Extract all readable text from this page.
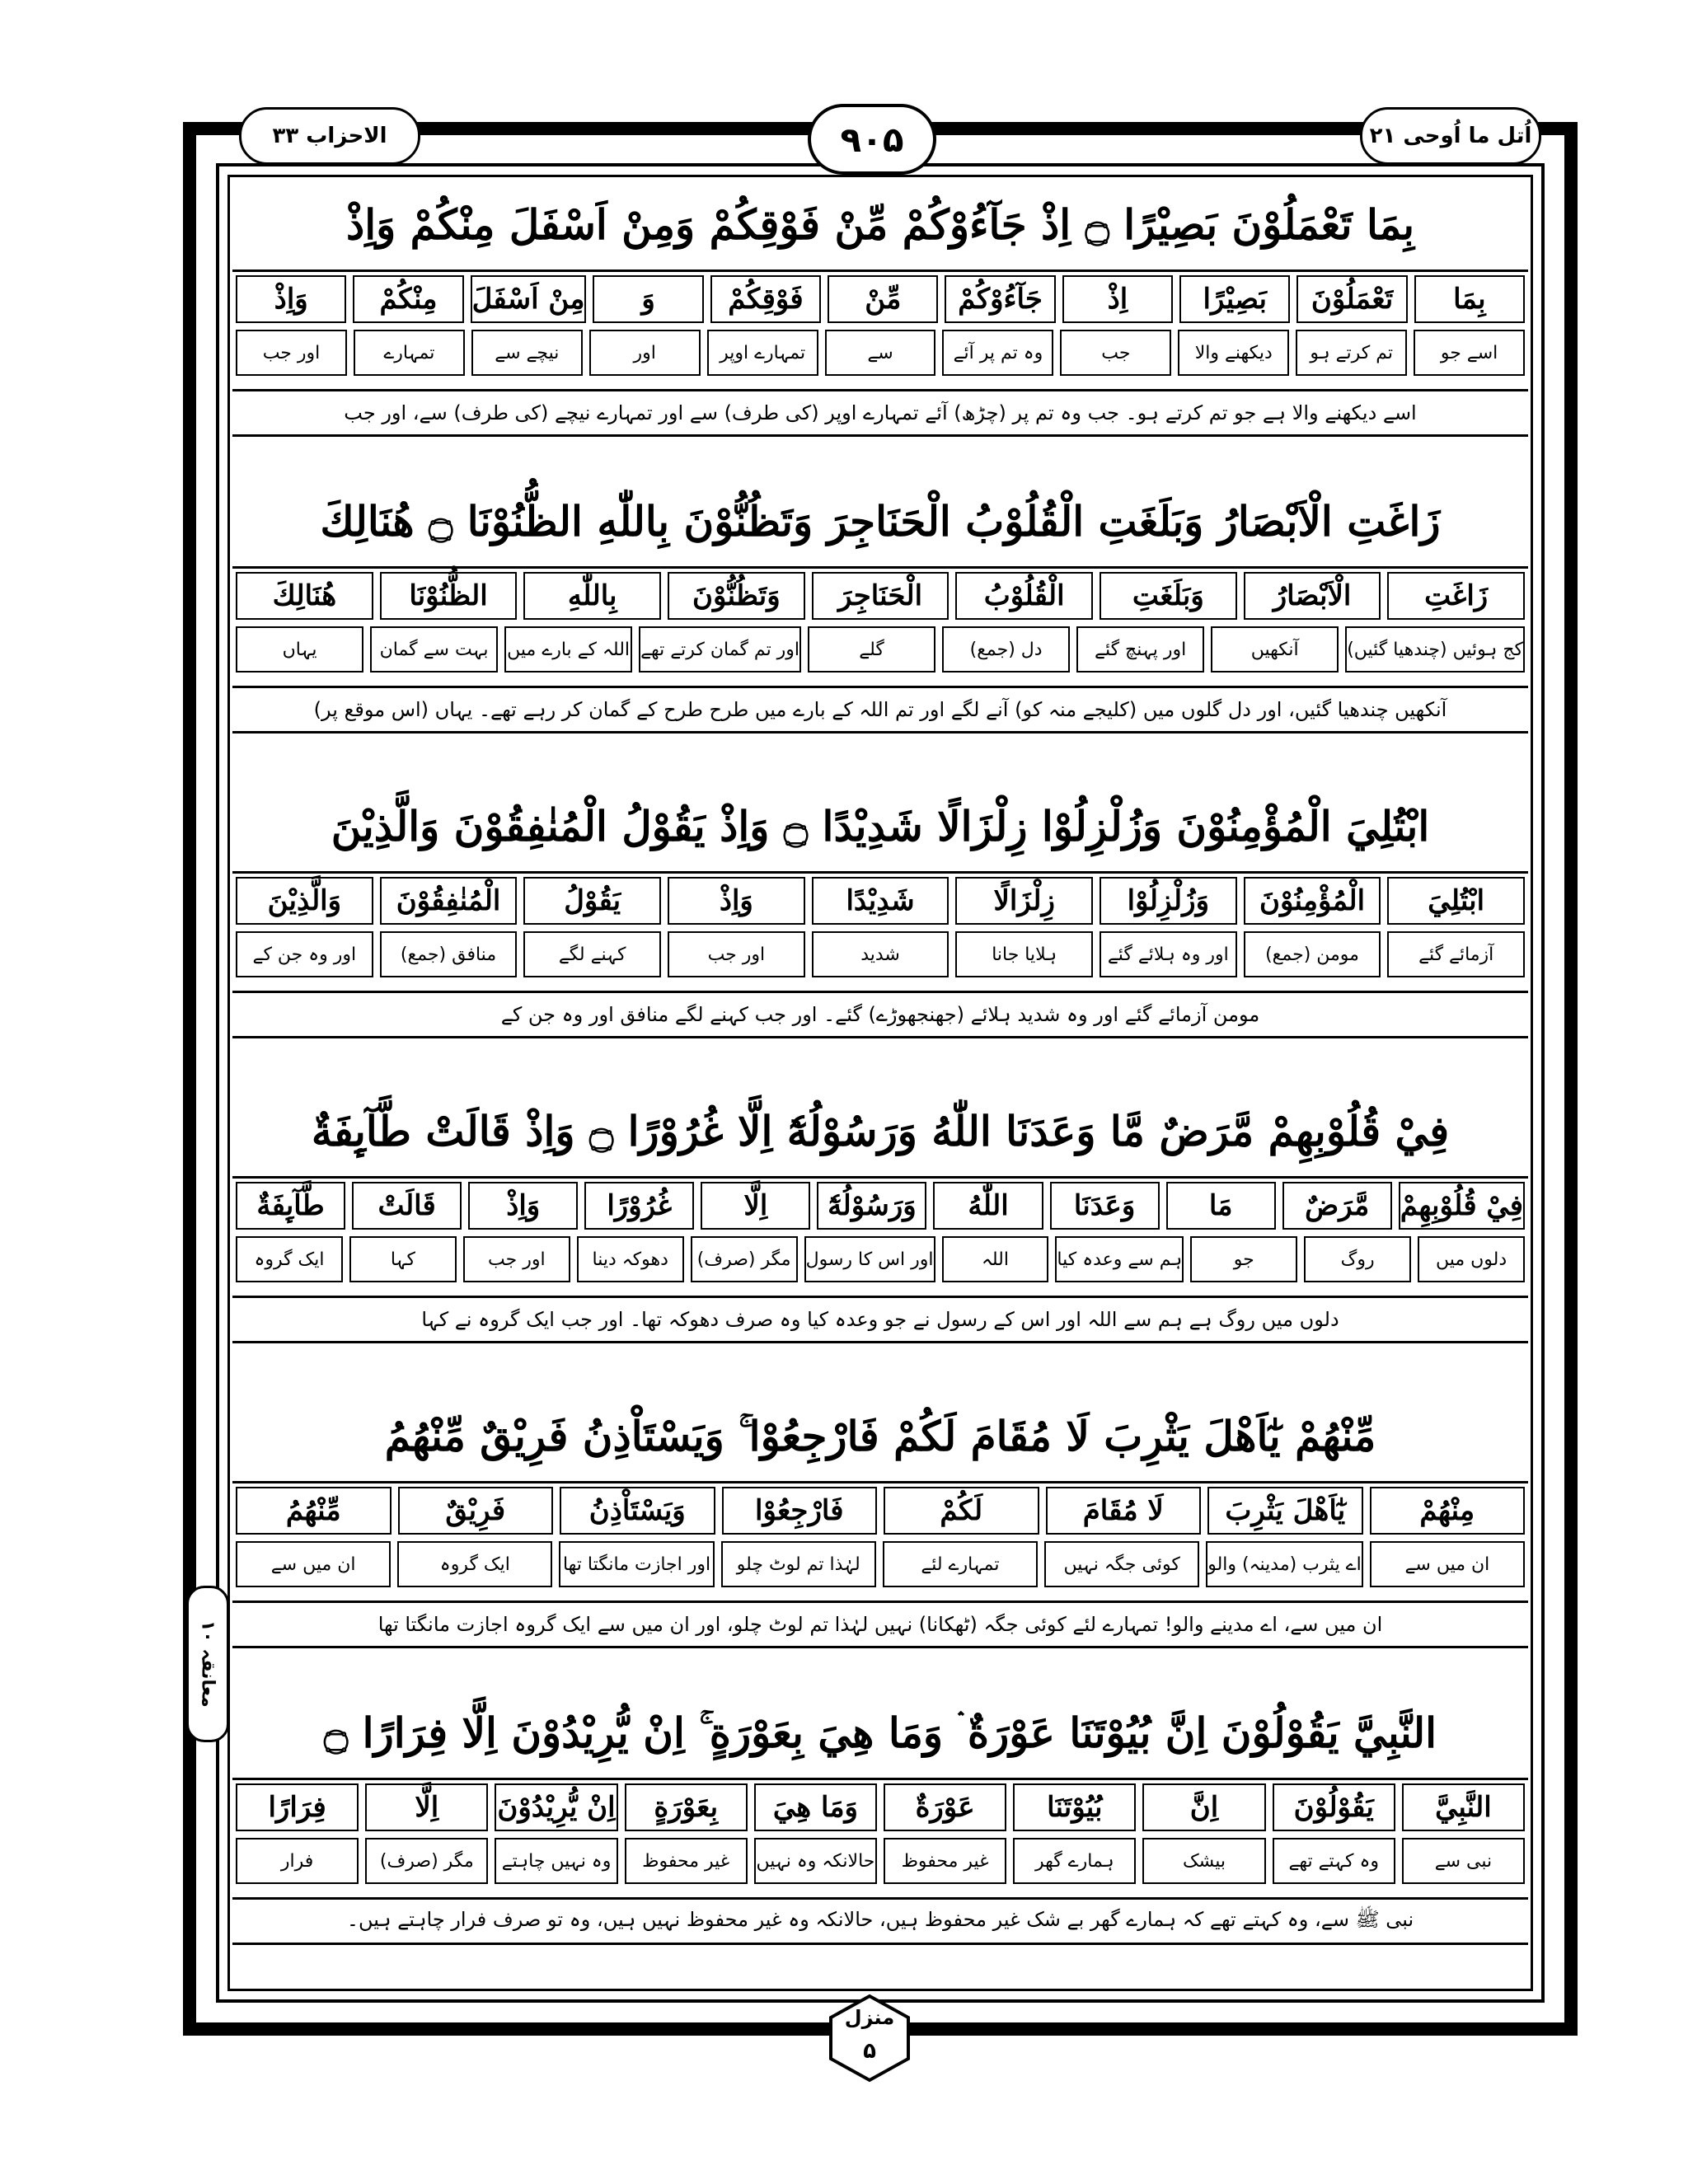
اُتل ما اُوحی ۲۱
۹۰۵
الاحزاب ۳۳
بِمَا تَعْمَلُوْنَ بَصِيْرًا ۝ اِذْ جَآءُوْكُمْ مِّنْ فَوْقِكُمْ وَمِنْ اَسْفَلَ مِنْكُمْ وَاِذْ
بِمَا
تَعْمَلُوْنَ
بَصِيْرًا
اِذْ
جَآءُوْكُمْ
مِّنْ
فَوْقِكُمْ
وَ
مِنْ اَسْفَلَ
مِنْكُمْ
وَاِذْ
اسے جو
تم کرتے ہو
دیکھنے والا
جب
وہ تم پر آئے
سے
تمہارے اوپر
اور
نیچے سے
تمہارے
اور جب
اسے دیکھنے والا ہے جو تم کرتے ہو۔ جب وہ تم پر (چڑھ) آئے تمہارے اوپر (کی طرف) سے اور تمہارے نیچے (کی طرف) سے، اور جب
زَاغَتِ الْاَبْصَارُ وَبَلَغَتِ الْقُلُوْبُ الْحَنَاجِرَ وَتَظُنُّوْنَ بِاللّٰهِ الظُّنُوْنَا ۝ هُنَالِكَ
زَاغَتِ
الْاَبْصَارُ
وَبَلَغَتِ
الْقُلُوْبُ
الْحَنَاجِرَ
وَتَظُنُّوْنَ
بِاللّٰهِ
الظُّنُوْنَا
هُنَالِكَ
کج ہوئیں (چندھیا گئیں)
آنکھیں
اور پہنچ گئے
دل (جمع)
گلے
اور تم گمان کرتے تھے
اللہ کے بارے میں
بہت سے گمان
یہاں
آنکھیں چندھیا گئیں، اور دل گلوں میں (کلیجے منہ کو) آنے لگے اور تم اللہ کے بارے میں طرح طرح کے گمان کر رہے تھے۔ یہاں (اس موقع پر)
ابْتُلِيَ الْمُؤْمِنُوْنَ وَزُلْزِلُوْا زِلْزَالًا شَدِيْدًا ۝ وَاِذْ يَقُوْلُ الْمُنٰفِقُوْنَ وَالَّذِيْنَ
ابْتُلِيَ
الْمُؤْمِنُوْنَ
وَزُلْزِلُوْا
زِلْزَالًا
شَدِيْدًا
وَاِذْ
يَقُوْلُ
الْمُنٰفِقُوْنَ
وَالَّذِيْنَ
آزمائے گئے
مومن (جمع)
اور وہ ہلائے گئے
ہلایا جانا
شدید
اور جب
کہنے لگے
منافق (جمع)
اور وہ جن کے
مومن آزمائے گئے اور وہ شدید ہلائے (جھنجھوڑے) گئے۔ اور جب کہنے لگے منافق اور وہ جن کے
فِيْ قُلُوْبِهِمْ مَّرَضٌ مَّا وَعَدَنَا اللّٰهُ وَرَسُوْلُهٗٓ اِلَّا غُرُوْرًا ۝ وَاِذْ قَالَتْ طَّآىِٕفَةٌ
فِيْ قُلُوْبِهِمْ
مَّرَضٌ
مَا
وَعَدَنَا
اللّٰهُ
وَرَسُوْلُهٗٓ
اِلَّا
غُرُوْرًا
وَاِذْ
قَالَتْ
طَّآىِٕفَةٌ
دلوں میں
روگ
جو
ہم سے وعدہ کیا
اللہ
اور اس کا رسول
مگر (صرف)
دھوکہ دینا
اور جب
کہا
ایک گروہ
دلوں میں روگ ہے ہم سے اللہ اور اس کے رسول نے جو وعدہ کیا وہ صرف دھوکہ تھا۔ اور جب ایک گروہ نے کہا
مِّنْهُمْ يٰٓاَهْلَ يَثْرِبَ لَا مُقَامَ لَكُمْ فَارْجِعُوْا ۚ وَيَسْتَاْذِنُ فَرِيْقٌ مِّنْهُمُ
مِنْهُمْ
يٰٓاَهْلَ يَثْرِبَ
لَا مُقَامَ
لَكُمْ
فَارْجِعُوْا
وَيَسْتَاْذِنُ
فَرِيْقٌ
مِّنْهُمُ
ان میں سے
اے یثرب (مدینہ) والو
کوئی جگہ نہیں
تمہارے لئے
لہٰذا تم لوٹ چلو
اور اجازت مانگتا تھا
ایک گروہ
ان میں سے
ان میں سے، اے مدینے والو! تمہارے لئے کوئی جگہ (ٹھکانا) نہیں لہٰذا تم لوٹ چلو، اور ان میں سے ایک گروہ اجازت مانگتا تھا
النَّبِيَّ يَقُوْلُوْنَ اِنَّ بُيُوْتَنَا عَوْرَةٌ ۛ وَمَا هِيَ بِعَوْرَةٍ ۚ اِنْ يُّرِيْدُوْنَ اِلَّا فِرَارًا ۝
النَّبِيَّ
يَقُوْلُوْنَ
اِنَّ
بُيُوْتَنَا
عَوْرَةٌ
وَمَا هِيَ
بِعَوْرَةٍ
اِنْ يُّرِيْدُوْنَ
اِلَّا
فِرَارًا
نبی سے
وہ کہتے تھے
بیشک
ہمارے گھر
غیر محفوظ
حالانکہ وہ نہیں
غیر محفوظ
وہ نہیں چاہتے
مگر (صرف)
فرار
نبی ﷺ سے، وہ کہتے تھے کہ ہمارے گھر بے شک غیر محفوظ ہیں، حالانکہ وہ غیر محفوظ نہیں ہیں، وہ تو صرف فرار چاہتے ہیں۔
معانقہ ۱۰
منزل
۵
